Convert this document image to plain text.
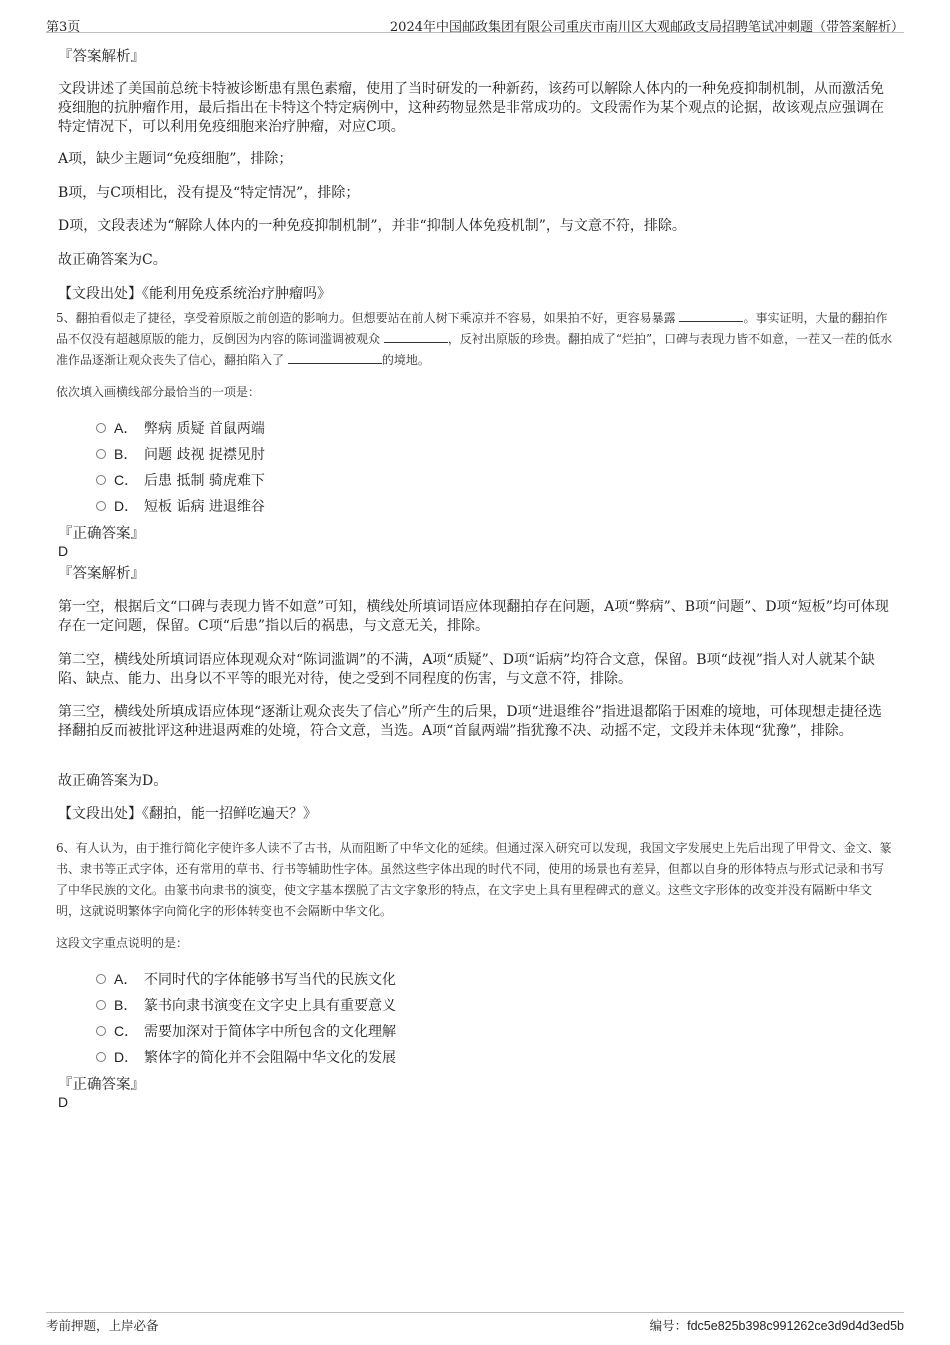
第3页	2024年中国邮政集团有限公司重庆市南川区大观邮政支局招聘笔试冲刺题（带答案解析）
『答案解析』

文段讲述了美国前总统卡特被诊断患有黑色素瘤，使用了当时研发的一种新药，该药可以解除人体内的一种免疫抑制机制，从而激活免疫细胞的抗肿瘤作用，最后指出在卡特这个特定病例中，这种药物显然是非常成功的。文段需作为某个观点的论据，故该观点应强调在特定情况下，可以利用免疫细胞来治疗肿瘤，对应C项。

A项，缺少主题词“免疫细胞”，排除；

B项，与C项相比，没有提及“特定情况”，排除；

D项，文段表述为“解除人体内的一种免疫抑制机制”，并非“抑制人体免疫机制”，与文意不符，排除。

故正确答案为C。

【文段出处】《能利用免疫系统治疗肿瘤吗》

5、翻拍看似走了捷径，享受着原版之前创造的影响力。但想要站在前人树下乘凉并不容易，如果拍不好，更容易暴露	。事实证明，大量的翻拍作品不仅没有超越原版的能力，反倒因为内容的陈词滥调被观众	，反衬出原版的珍贵。翻拍成了“烂拍”，口碑与表现力皆不如意，一茬又一茬的低水准作品逐渐让观众丧失了信心，翻拍陷入了	的境地。
依次填入画横线部分最恰当的一项是：
A． 弊病 质疑 首鼠两端
B． 问题 歧视 捉襟见肘
C． 后患 抵制 骑虎难下
D． 短板 诟病 进退维谷
『正确答案』
D
『答案解析』

第一空，根据后文“口碑与表现力皆不如意”可知，横线处所填词语应体现翻拍存在问题，A项“弊病”、B项“问题”、D项“短板”均可体现存在一定问题，保留。C项“后患”指以后的祸患，与文意无关，排除。

第二空，横线处所填词语应体现观众对“陈词滥调”的不满，A项“质疑”、D项“诟病”均符合文意，保留。B项“歧视”指人对人就某个缺陷、缺点、能力、出身以不平等的眼光对待，使之受到不同程度的伤害，与文意不符，排除。

第三空，横线处所填成语应体现“逐渐让观众丧失了信心”所产生的后果，D项“进退维谷”指进退都陷于困难的境地，可体现想走捷径选择翻拍反而被批评这种进退两难的处境，符合文意，当选。A项“首鼠两端”指犹豫不决、动摇不定，文段并未体现“犹豫”，排除。

故正确答案为D。

【文段出处】《翻拍，能一招鲜吃遍天？》

6、有人认为，由于推行简化字使许多人读不了古书，从而阻断了中华文化的延续。但通过深入研究可以发现，我国文字发展史上先后出现了甲骨文、金文、篆书、隶书等正式字体，还有常用的草书、行书等辅助性字体。虽然这些字体出现的时代不同，使用的场景也有差异，但都以自身的形体特点与形式记录和书写了中华民族的文化。由篆书向隶书的演变，使文字基本摆脱了古文字象形的特点，在文字史上具有里程碑式的意义。这些文字形体的改变并没有隔断中华文明，这就说明繁体字向简化字的形体转变也不会隔断中华文化。
这段文字重点说明的是：
A． 不同时代的字体能够书写当代的民族文化
B． 篆书向隶书演变在文字史上具有重要意义
C． 需要加深对于简体字中所包含的文化理解
D． 繁体字的简化并不会阻隔中华文化的发展
『正确答案』
D
考前押题，上岸必备	编号：fdc5e825b398c991262ce3d9d4d3ed5b
